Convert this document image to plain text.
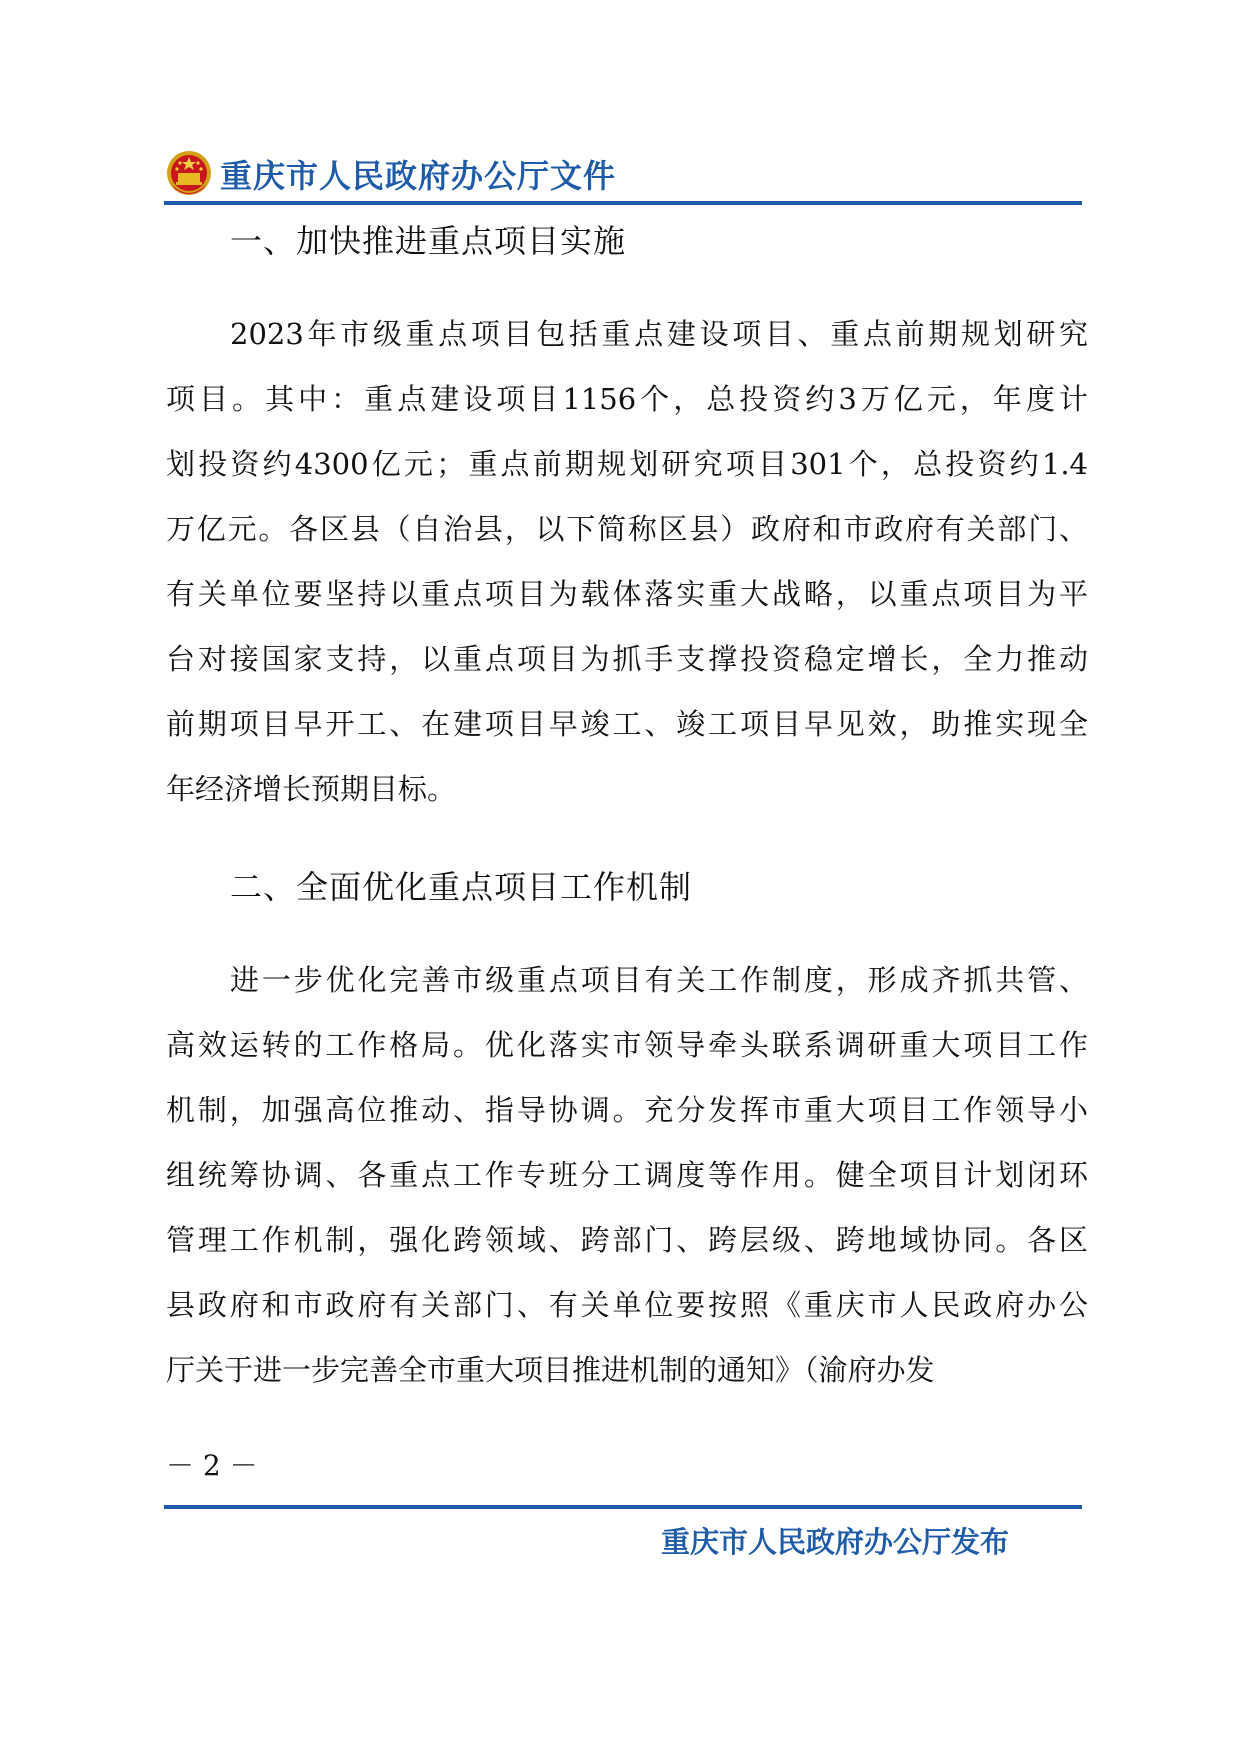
重庆市人民政府办公厅文件
一、加快推进重点项目实施
2023年市级重点项目包括重点建设项目、重点前期规划研究
项目。其中：重点建设项目1156个，总投资约3万亿元，年度计
划投资约4300亿元；重点前期规划研究项目301个，总投资约1.4
万亿元。各区县（自治县，以下简称区县）政府和市政府有关部门、
有关单位要坚持以重点项目为载体落实重大战略，以重点项目为平
台对接国家支持，以重点项目为抓手支撑投资稳定增长，全力推动
前期项目早开工、在建项目早竣工、竣工项目早见效，助推实现全
年经济增长预期目标。
二、全面优化重点项目工作机制
进一步优化完善市级重点项目有关工作制度，形成齐抓共管、
高效运转的工作格局。优化落实市领导牵头联系调研重大项目工作
机制，加强高位推动、指导协调。充分发挥市重大项目工作领导小
组统筹协调、各重点工作专班分工调度等作用。健全项目计划闭环
管理工作机制，强化跨领域、跨部门、跨层级、跨地域协同。各区
县政府和市政府有关部门、有关单位要按照《重庆市人民政府办公
厅关于进一步完善全市重大项目推进机制的通知》（渝府办发
－ 2 －
重庆市人民政府办公厅发布
